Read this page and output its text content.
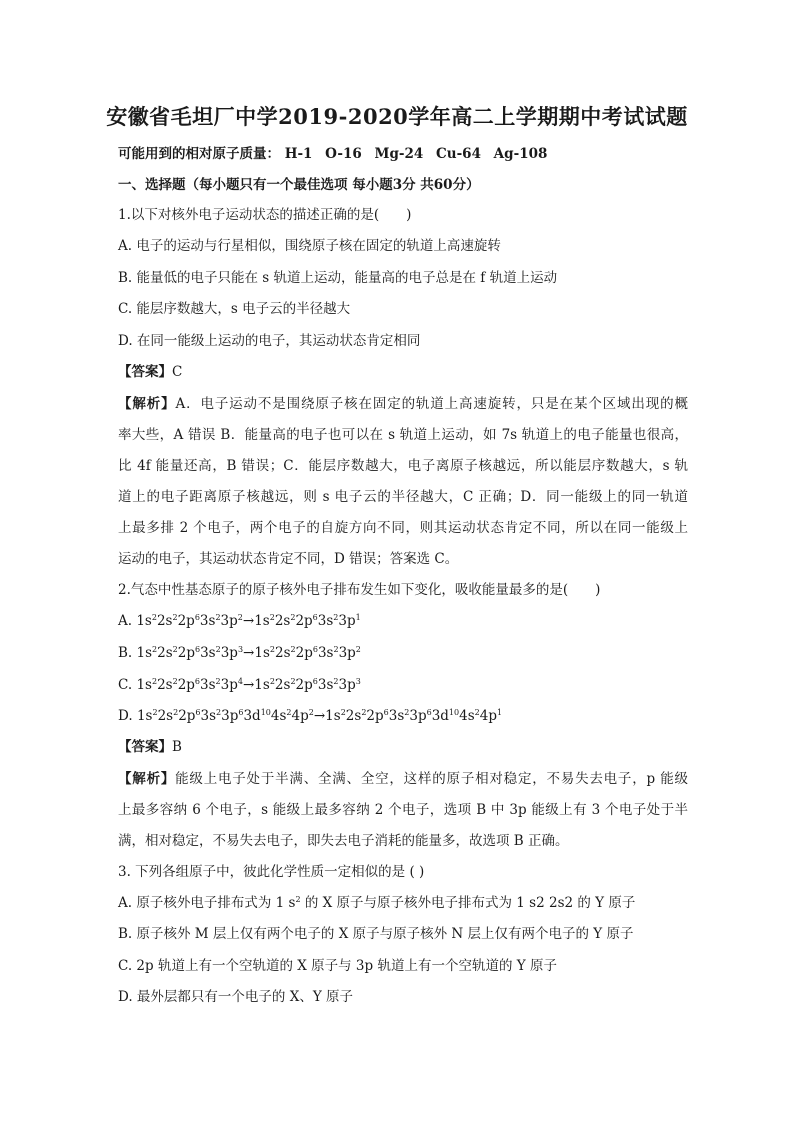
安徽省毛坦厂中学2019-2020学年高二上学期期中考试试题
可能用到的相对原子质量： H-1 O-16 Mg-24 Cu-64 Ag-108
一、选择题（每小题只有一个最佳选项 每小题3分 共60分）
1.以下对核外电子运动状态的描述正确的是(　　)
A. 电子的运动与行星相似，围绕原子核在固定的轨道上高速旋转
B. 能量低的电子只能在 s 轨道上运动，能量高的电子总是在 f 轨道上运动
C. 能层序数越大，s 电子云的半径越大
D. 在同一能级上运动的电子，其运动状态肯定相同
【答案】C
【解析】A．电子运动不是围绕原子核在固定的轨道上高速旋转，只是在某个区域出现的概
率大些，A 错误 B．能量高的电子也可以在 s 轨道上运动，如 7s 轨道上的电子能量也很高，
比 4f 能量还高，B 错误；C．能层序数越大，电子离原子核越远，所以能层序数越大，s 轨
道上的电子距离原子核越远，则 s 电子云的半径越大，C 正确；D．同一能级上的同一轨道
上最多排 2 个电子，两个电子的自旋方向不同，则其运动状态肯定不同，所以在同一能级上
运动的电子，其运动状态肯定不同，D 错误；答案选 C。
2.气态中性基态原子的原子核外电子排布发生如下变化，吸收能量最多的是(　　)
A. $1s^22s^22p^63s^23p^2\to 1s^22s^22p^63s^23p^1$
B. $1s^22s^22p^63s^23p^3\to 1s^22s^22p^63s^23p^2$
C. $1s^22s^22p^63s^23p^4\to 1s^22s^22p^63s^23p^3$
D. $1s^22s^22p^63s^23p^63d^{10}4s^24p^2\to 1s^22s^22p^63s^23p^63d^{10}4s^24p^1$
【答案】B
【解析】能级上电子处于半满、全满、全空，这样的原子相对稳定，不易失去电子，p 能级
上最多容纳 6 个电子，s 能级上最多容纳 2 个电子，选项 B 中 3p 能级上有 3 个电子处于半
满，相对稳定，不易失去电子，即失去电子消耗的能量多，故选项 B 正确。
3. 下列各组原子中，彼此化学性质一定相似的是 ( )
A. 原子核外电子排布式为 1 $s^2$ 的 X 原子与原子核外电子排布式为 1 s2 2s2 的 Y 原子
B. 原子核外 M 层上仅有两个电子的 X 原子与原子核外 N 层上仅有两个电子的 Y 原子
C. 2p 轨道上有一个空轨道的 X 原子与 3p 轨道上有一个空轨道的 Y 原子
D. 最外层都只有一个电子的 X、Y 原子
